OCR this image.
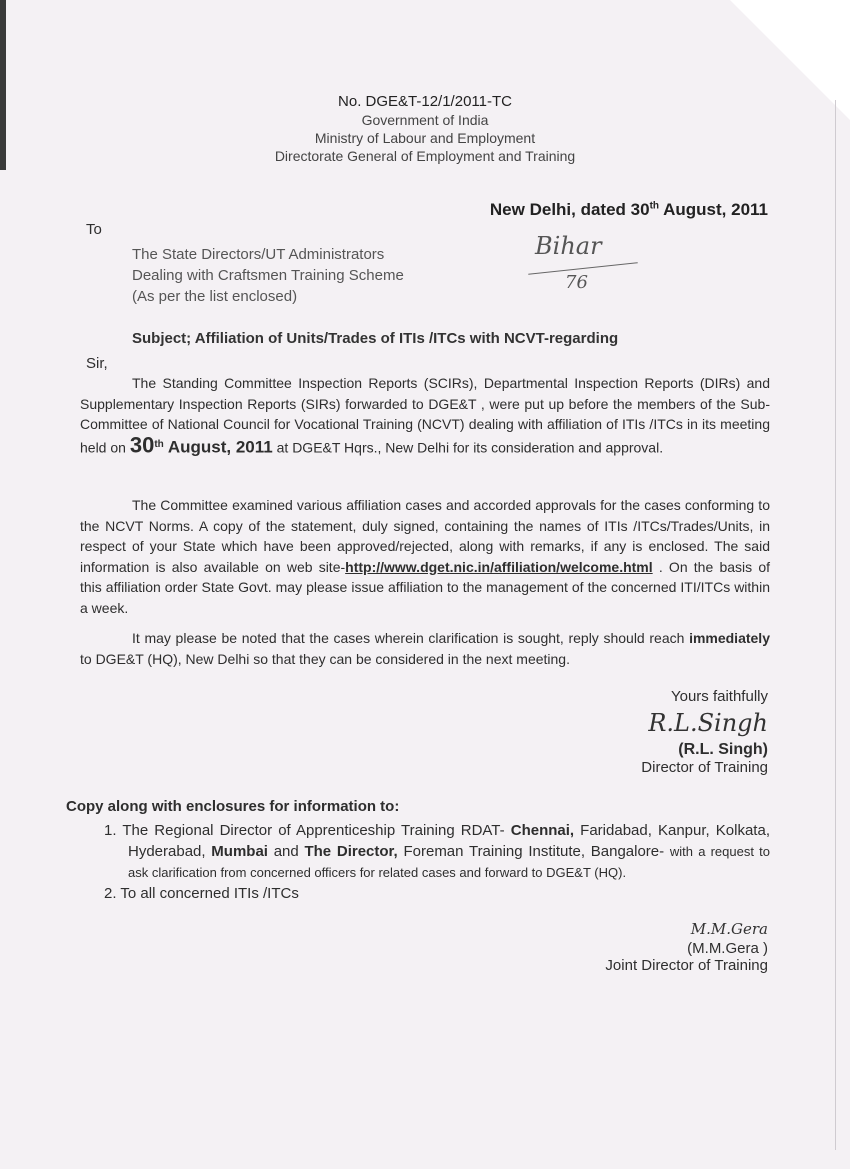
No. DGE&T-12/1/2011-TC
Government of India
Ministry of Labour and Employment
Directorate General of Employment and Training
New Delhi, dated 30th August, 2011
To
The State Directors/UT Administrators
Dealing with Craftsmen Training Scheme
(As per the list enclosed)
Bihar
76
Subject; Affiliation of Units/Trades of ITIs /ITCs with NCVT-regarding
Sir,
The Standing Committee Inspection Reports (SCIRs), Departmental Inspection Reports (DIRs) and Supplementary Inspection Reports (SIRs) forwarded to DGE&T , were put up before the members of the Sub-Committee of National Council for Vocational Training (NCVT) dealing with affiliation of ITIs /ITCs in its meeting held on 30th August, 2011 at DGE&T Hqrs., New Delhi for its consideration and approval.
The Committee examined various affiliation cases and accorded approvals for the cases conforming to the NCVT Norms. A copy of the statement, duly signed, containing the names of ITIs /ITCs/Trades/Units, in respect of your State which have been approved/rejected, along with remarks, if any is enclosed. The said information is also available on web site-http://www.dget.nic.in/affiliation/welcome.html . On the basis of this affiliation order State Govt. may please issue affiliation to the management of the concerned ITI/ITCs within a week.
It may please be noted that the cases wherein clarification is sought, reply should reach immediately to DGE&T (HQ), New Delhi so that they can be considered in the next meeting.
Yours faithfully
R.L.Singh
(R.L. Singh)
Director of Training
Copy along with enclosures for information to:
1. The Regional Director of Apprenticeship Training RDAT- Chennai, Faridabad, Kanpur, Kolkata, Hyderabad, Mumbai and The Director, Foreman Training Institute, Bangalore- with a request to ask clarification from concerned officers for related cases and forward to DGE&T (HQ).
2. To all concerned ITIs /ITCs
M.M.Gera
(M.M.Gera )
Joint Director of Training
